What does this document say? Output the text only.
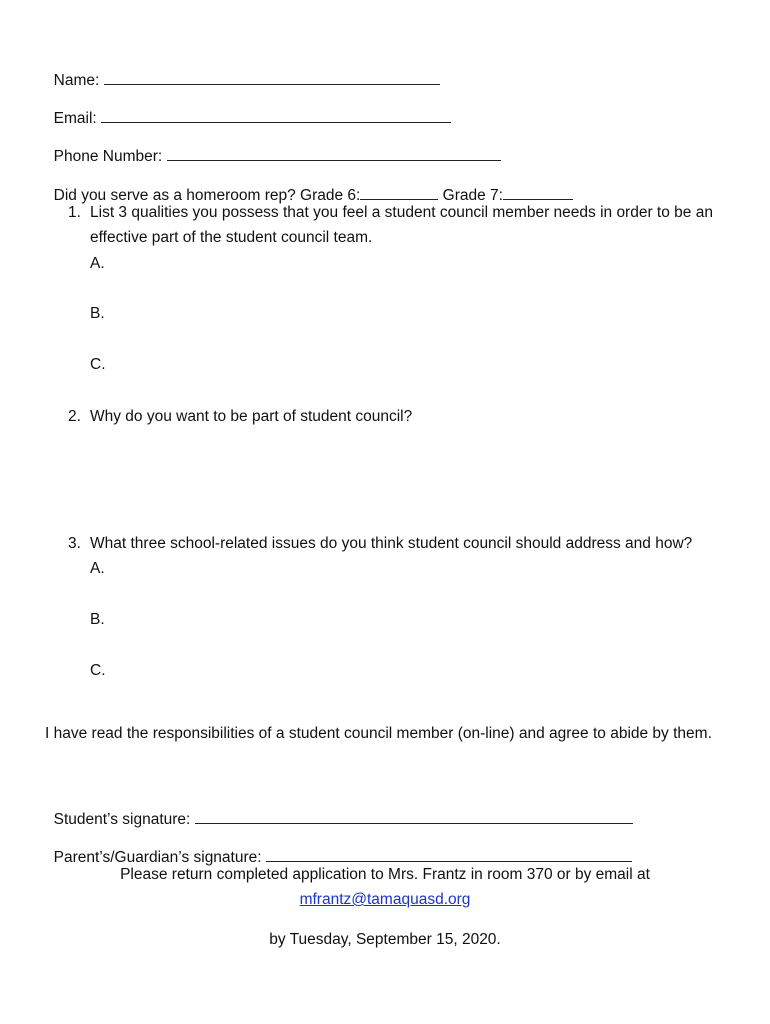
Name:

Email:

Phone Number:

Did you serve as a homeroom rep? Grade 6:	Grade 7:

1. List 3 qualities you possess that you feel a student council member needs in order to be an effective part of the student council team.
A.
B.
C.
2. Why do you want to be part of student council?
3. What three school-related issues do you think student council should address and how?
A.
B.
C.
I have read the responsibilities of a student council member (on-line) and agree to abide by them.

Student’s signature:

Parent’s/Guardian’s signature:

Please return completed application to Mrs. Frantz in room 370 or by email at
mfrantz@tamaquasd.org
by Tuesday, September 15, 2020.
